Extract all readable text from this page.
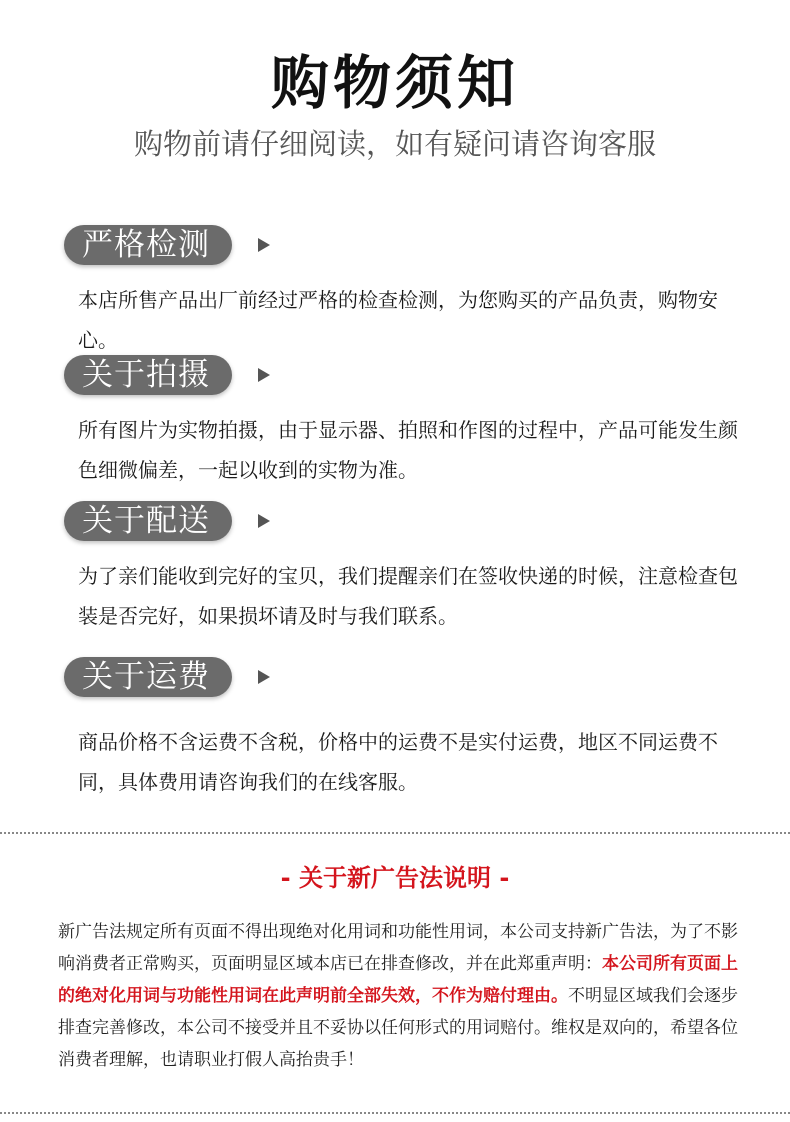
购物须知
购物前请仔细阅读，如有疑问请咨询客服
严格检测
本店所售产品出厂前经过严格的检查检测，为您购买的产品负责，购物安心。
关于拍摄
所有图片为实物拍摄，由于显示器、拍照和作图的过程中，产品可能发生颜色细微偏差，一起以收到的实物为准。
关于配送
为了亲们能收到完好的宝贝，我们提醒亲们在签收快递的时候，注意检查包装是否完好，如果损坏请及时与我们联系。
关于运费
商品价格不含运费不含税，价格中的运费不是实付运费，地区不同运费不同，具体费用请咨询我们的在线客服。
- 关于新广告法说明 -
新广告法规定所有页面不得出现绝对化用词和功能性用词，本公司支持新广告法，为了不影响消费者正常购买，页面明显区域本店已在排查修改，并在此郑重声明：本公司所有页面上的绝对化用词与功能性用词在此声明前全部失效，不作为赔付理由。不明显区域我们会逐步排查完善修改，本公司不接受并且不妥协以任何形式的用词赔付。维权是双向的，希望各位消费者理解，也请职业打假人高抬贵手！
